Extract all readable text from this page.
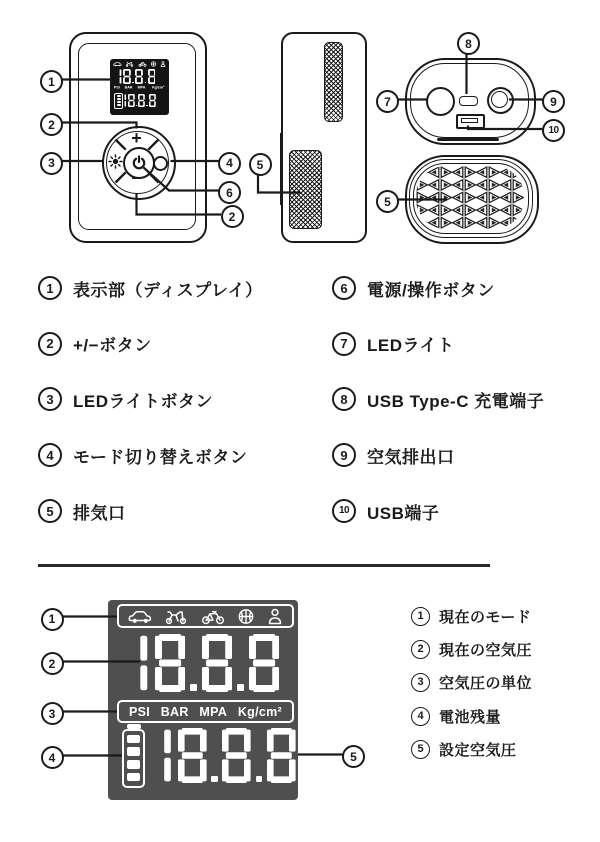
PSI BAR MPA Kg/cm²
+
−
1
2
3	4 5
6
2
7
8
9
10
5
1 表示部（ディスプレイ）
2 +/−ボタン
3 LEDライトボタン
4 モード切り替えボタン
5 排気口
6 電源/操作ボタン
7 LEDライト
8 USB Type-C 充電端子
9 空気排出口
10 USB端子
PSI BAR MPA Kg/cm²
1
2
3
4	5
1 現在のモード
2 現在の空気圧
3 空気圧の単位
4 電池残量
5 設定空気圧
